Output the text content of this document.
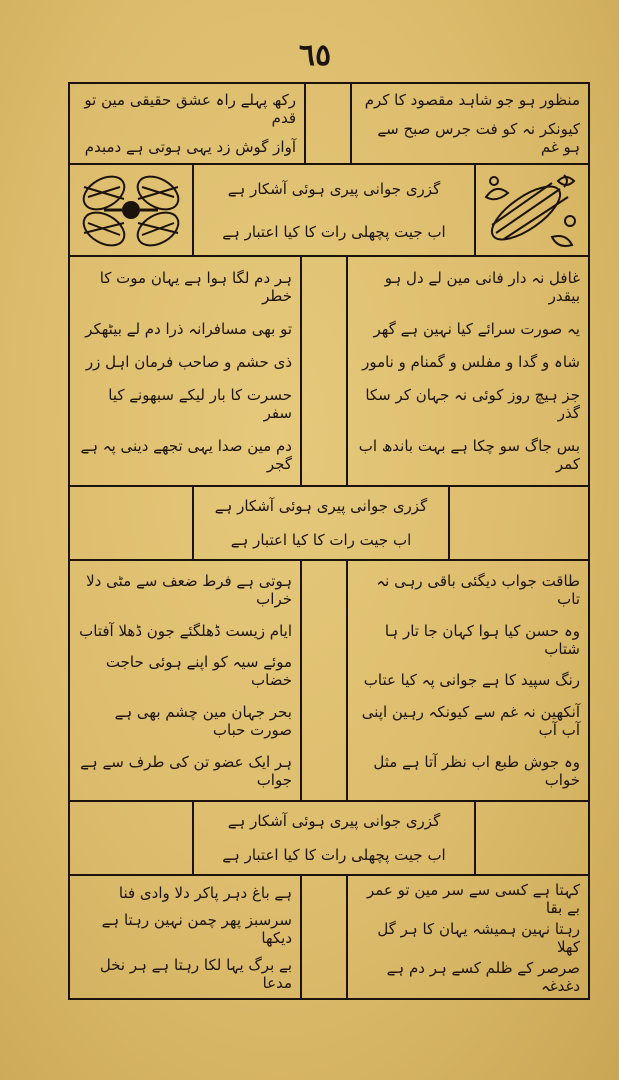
٦٥
منظور ہو جو شاہد مقصود کا کرم
کیونکر نہ کو فت جرس صبح سے ہو غم
رکھ پہلے راہ عشق حقیقی مین تو قدم
آواز گوش زد یہی ہوتی ہے دمبدم
گزری جوانی پیری ہوئی آشکار ہے
اب جیت پچھلی رات کا کیا اعتبار ہے
غافل نہ دار فانی مین لے دل ہو بیقدر
یہ صورت سرائے کیا نہین ہے گھر
شاہ و گدا و مفلس و گمنام و نامور
جز ہیچ روز کوئی نہ جہان کر سکا گذر
بس جاگ سو چکا ہے بہت باندھ اب کمر
ہر دم لگا ہوا ہے یہان موت کا خطر
تو بھی مسافرانہ ذرا دم لے بیٹھکر
ذی حشم و صاحب فرمان اہل زر
حسرت کا بار لیکے سبھونے کیا سفر
دم مین صدا یہی تجھے دینی پہ ہے گجر
گزری جوانی پیری ہوئی آشکار ہے
اب جیت رات کا کیا اعتبار ہے
طاقت جواب دیگئی باقی رہی نہ تاب
وہ حسن کیا ہوا کہان جا تار ہا شتاب
رنگ سپید کا ہے جوانی پہ کیا عتاب
آنکھین نہ غم سے کیونکہ رہین اپنی آب آب
وہ جوش طبع اب نظر آتا ہے مثل خواب
ہوتی ہے فرط ضعف سے مٹی دلا خراب
ایام زیست ڈھلگئے جون ڈھلا آفتاب
موئے سیہ کو اپنے ہوئی حاجت خضاب
بحر جہان مین چشم بھی ہے صورت حباب
ہر ایک عضو تن کی طرف سے ہے جواب
گزری جوانی پیری ہوئی آشکار ہے
اب جیت پچھلی رات کا کیا اعتبار ہے
کہتا ہے کسی سے سر مین تو عمر بے بقا
رہتا نہین ہمیشہ یہان کا ہر گل کھلا
صرصر کے ظلم کسے ہر دم ہے دغدغہ
ہے باغ دہر پاکر دلا وادی فنا
سرسبز پھر چمن نہین رہتا ہے دیکھا
بے برگ یہا لکا رہتا ہے ہر نخل مدعا
